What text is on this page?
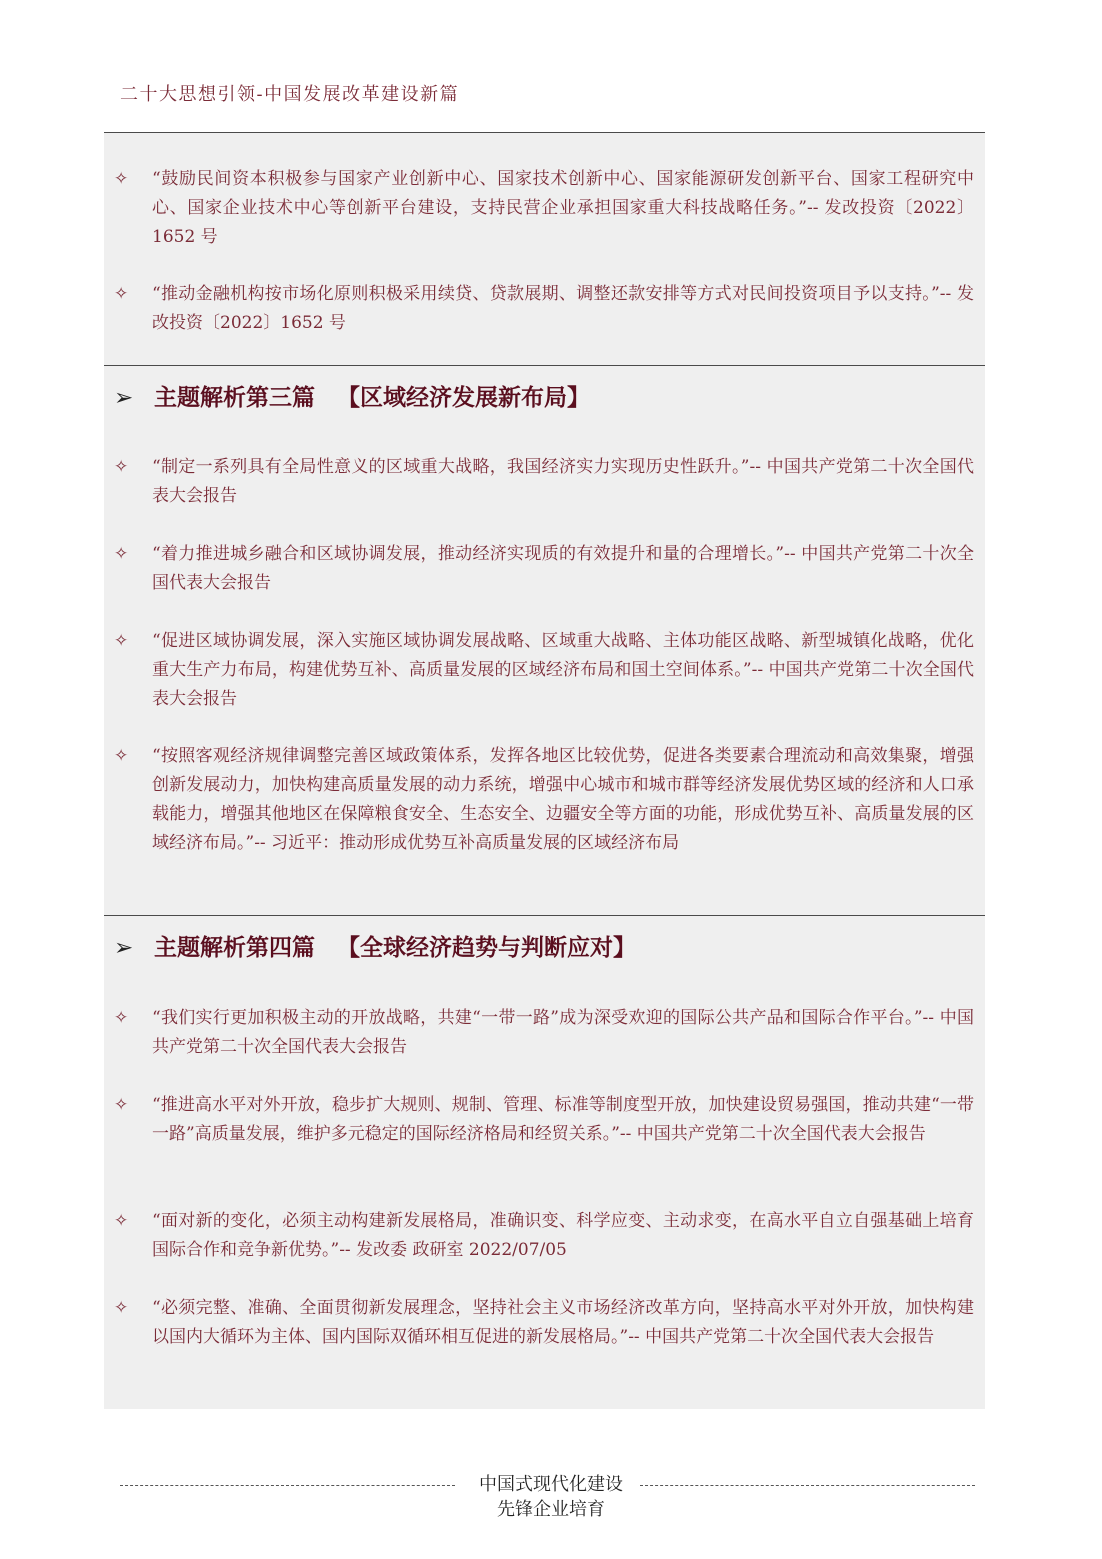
二十大思想引领-中国发展改革建设新篇
✧ “鼓励民间资本积极参与国家产业创新中心、国家技术创新中心、国家能源研发创新平台、国家工程研究中心、国家企业技术中心等创新平台建设，支持民营企业承担国家重大科技战略任务。”-- 发改投资〔2022〕1652 号
✧ “推动金融机构按市场化原则积极采用续贷、贷款展期、调整还款安排等方式对民间投资项目予以支持。”-- 发改投资〔2022〕1652 号
➢ 主题解析第三篇 【区域经济发展新布局】
✧ “制定一系列具有全局性意义的区域重大战略，我国经济实力实现历史性跃升。”-- 中国共产党第二十次全国代表大会报告
✧ “着力推进城乡融合和区域协调发展，推动经济实现质的有效提升和量的合理增长。”-- 中国共产党第二十次全国代表大会报告
✧ “促进区域协调发展，深入实施区域协调发展战略、区域重大战略、主体功能区战略、新型城镇化战略，优化重大生产力布局，构建优势互补、高质量发展的区域经济布局和国土空间体系。”-- 中国共产党第二十次全国代表大会报告
✧ “按照客观经济规律调整完善区域政策体系，发挥各地区比较优势，促进各类要素合理流动和高效集聚，增强创新发展动力，加快构建高质量发展的动力系统，增强中心城市和城市群等经济发展优势区域的经济和人口承载能力，增强其他地区在保障粮食安全、生态安全、边疆安全等方面的功能，形成优势互补、高质量发展的区域经济布局。”-- 习近平：推动形成优势互补高质量发展的区域经济布局
➢ 主题解析第四篇 【全球经济趋势与判断应对】
✧ “我们实行更加积极主动的开放战略，共建“一带一路”成为深受欢迎的国际公共产品和国际合作平台。”-- 中国共产党第二十次全国代表大会报告
✧ “推进高水平对外开放，稳步扩大规则、规制、管理、标准等制度型开放，加快建设贸易强国，推动共建“一带一路”高质量发展，维护多元稳定的国际经济格局和经贸关系。”-- 中国共产党第二十次全国代表大会报告
✧ “面对新的变化，必须主动构建新发展格局，准确识变、科学应变、主动求变，在高水平自立自强基础上培育国际合作和竞争新优势。”-- 发改委 政研室 2022/07/05
✧ “必须完整、准确、全面贯彻新发展理念，坚持社会主义市场经济改革方向，坚持高水平对外开放，加快构建以国内大循环为主体、国内国际双循环相互促进的新发展格局。”-- 中国共产党第二十次全国代表大会报告
中国式现代化建设
先锋企业培育
